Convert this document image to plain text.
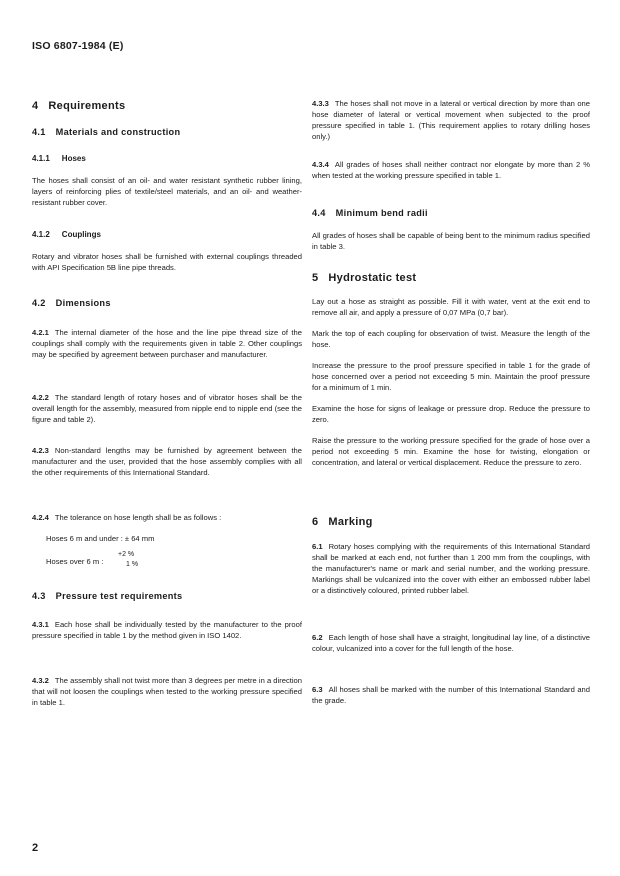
ISO 6807-1984 (E)
4 Requirements
4.1 Materials and construction
4.1.1 Hoses

The hoses shall consist of an oil- and water resistant synthetic rubber lining, layers of reinforcing plies of textile/steel materials, and an oil- and weather-resistant rubber cover.

4.1.2 Couplings

Rotary and vibrator hoses shall be furnished with external couplings threaded with API Specification 5B line pipe threads.

4.2 Dimensions

4.2.1 The internal diameter of the hose and the line pipe thread size of the couplings shall comply with the requirements given in table 2. Other couplings may be specified by agreement between purchaser and manufacturer.

4.2.2 The standard length of rotary hoses and of vibrator hoses shall be the overall length for the assembly, measured from nipple end to nipple end (see the figure and table 2).

4.2.3 Non-standard lengths may be furnished by agreement between the manufacturer and the user, provided that the hose assembly complies with all the other requirements of this International Standard.

4.2.4 The tolerance on hose length shall be as follows :

Hoses 6 m and under : ± 64 mm
Hoses over 6 m :
+2 %
1 %
4.3 Pressure test requirements

4.3.1 Each hose shall be individually tested by the manufacturer to the proof pressure specified in table 1 by the method given in ISO 1402.

4.3.2 The assembly shall not twist more than 3 degrees per metre in a direction that will not loosen the couplings when tested to the working pressure specified in table 1.

4.3.3 The hoses shall not move in a lateral or vertical direction by more than one hose diameter of lateral or vertical movement when subjected to the proof pressure specified in table 1. (This requirement applies to rotary drilling hoses only.)

4.3.4 All grades of hoses shall neither contract nor elongate by more than 2 % when tested at the working pressure specified in table 1.

4.4 Minimum bend radii

All grades of hoses shall be capable of being bent to the minimum radius specified in table 3.

5 Hydrostatic test

Lay out a hose as straight as possible. Fill it with water, vent at the exit end to remove all air, and apply a pressure of 0,07 MPa (0,7 bar).

Mark the top of each coupling for observation of twist. Measure the length of the hose.

Increase the pressure to the proof pressure specified in table 1 for the grade of hose concerned over a period not exceeding 5 min. Maintain the proof pressure for a minimum of 1 min.

Examine the hose for signs of leakage or pressure drop. Reduce the pressure to zero.

Raise the pressure to the working pressure specified for the grade of hose over a period not exceeding 5 min. Examine the hose for twisting, elongation or concentration, and lateral or vertical displacement. Reduce the pressure to zero.

6 Marking

6.1 Rotary hoses complying with the requirements of this International Standard shall be marked at each end, not further than 1 200 mm from the couplings, with the manufacturer's name or mark and serial number, and the working pressure. Markings shall be vulcanized into the cover with either an embossed rubber label or a distinctively coloured, printed rubber label.

6.2 Each length of hose shall have a straight, longitudinal lay line, of a distinctive colour, vulcanized into a cover for the full length of the hose.

6.3 All hoses shall be marked with the number of this International Standard and the grade.

2
